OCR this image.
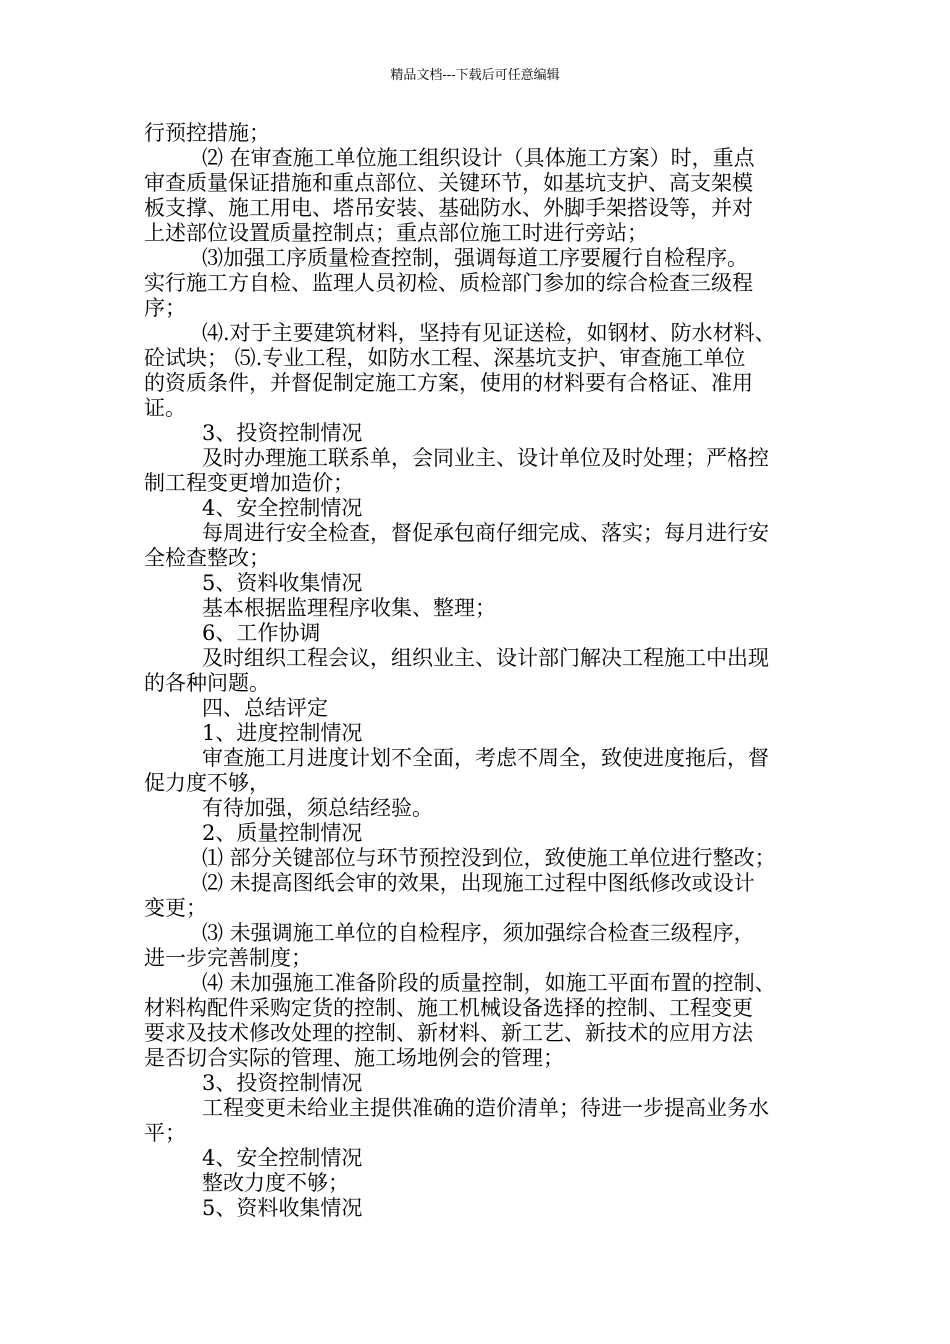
精品文档---下载后可任意编辑
行预控措施；
⑵ 在审查施工单位施工组织设计（具体施工方案）时，重点
审查质量保证措施和重点部位、关键环节，如基坑支护、高支架模
板支撑、施工用电、塔吊安装、基础防水、外脚手架搭设等，并对
上述部位设置质量控制点；重点部位施工时进行旁站；
⑶加强工序质量检查控制，强调每道工序要履行自检程序。
实行施工方自检、监理人员初检、质检部门参加的综合检查三级程
序；
⑷.对于主要建筑材料，坚持有见证送检，如钢材、防水材料、
砼试块； ⑸.专业工程，如防水工程、深基坑支护、审查施工单位
的资质条件，并督促制定施工方案，使用的材料要有合格证、准用
证。
3、投资控制情况
及时办理施工联系单，会同业主、设计单位及时处理；严格控
制工程变更增加造价；
4、安全控制情况
每周进行安全检查，督促承包商仔细完成、落实；每月进行安
全检查整改；
5、资料收集情况
基本根据监理程序收集、整理；
6、工作协调
及时组织工程会议，组织业主、设计部门解决工程施工中出现
的各种问题。
四、总结评定
1、进度控制情况
审查施工月进度计划不全面，考虑不周全，致使进度拖后，督
促力度不够，
有待加强，须总结经验。
2、质量控制情况
⑴ 部分关键部位与环节预控没到位，致使施工单位进行整改；
⑵ 未提高图纸会审的效果，出现施工过程中图纸修改或设计
变更；
⑶ 未强调施工单位的自检程序，须加强综合检查三级程序，
进一步完善制度；
⑷ 未加强施工准备阶段的质量控制，如施工平面布置的控制、
材料构配件采购定货的控制、施工机械设备选择的控制、工程变更
要求及技术修改处理的控制、新材料、新工艺、新技术的应用方法
是否切合实际的管理、施工场地例会的管理；
3、投资控制情况
工程变更未给业主提供准确的造价清单；待进一步提高业务水
平；
4、安全控制情况
整改力度不够；
5、资料收集情况
